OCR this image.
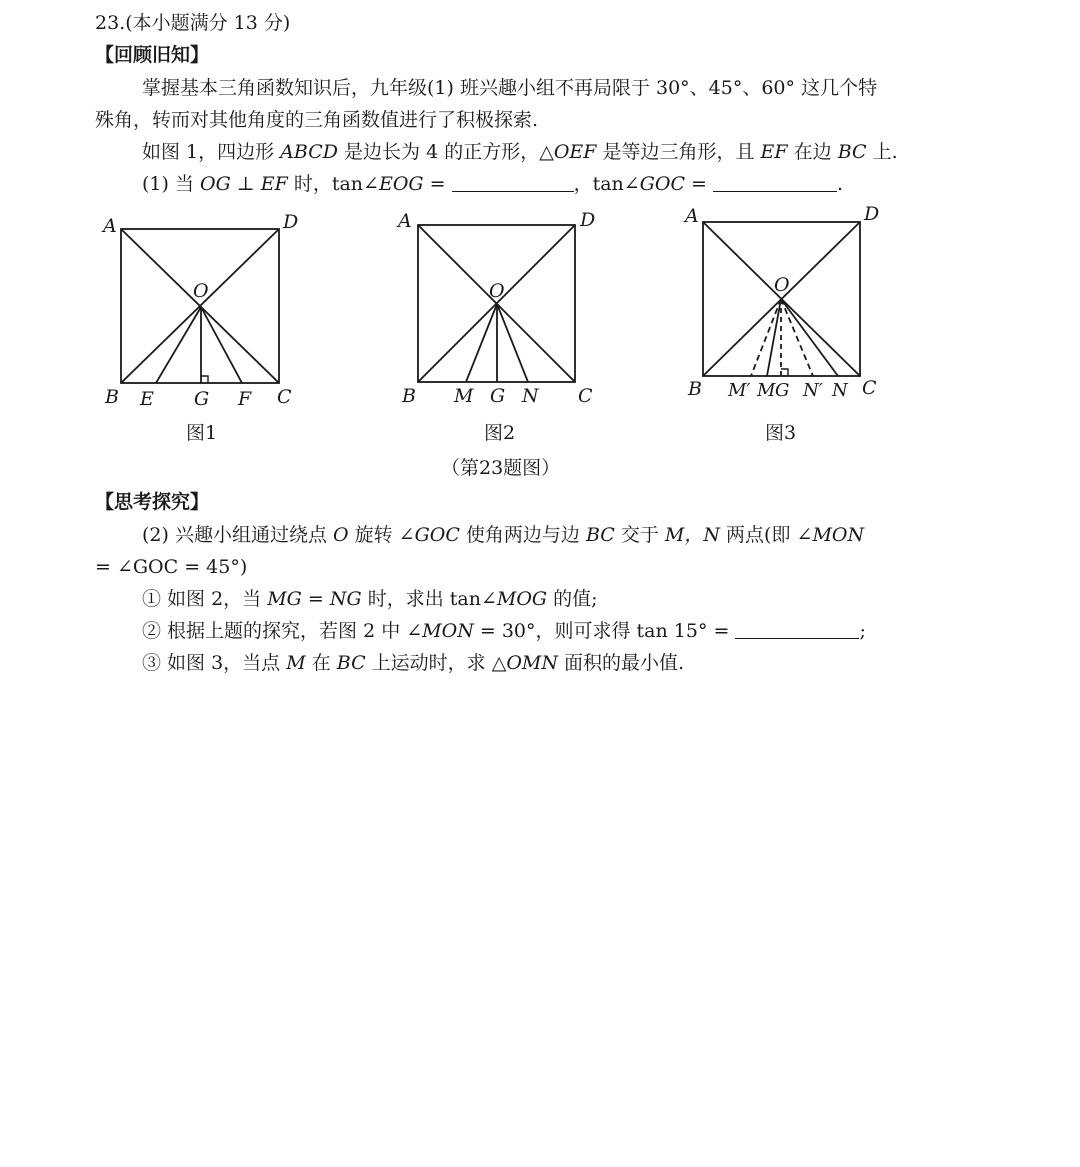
23.(本小题满分 13 分)
【回顾旧知】
掌握基本三角函数知识后，九年级(1) 班兴趣小组不再局限于 30°、45°、60° 这几个特
殊角，转而对其他角度的三角函数值进行了积极探索.
如图 1，四边形 ABCD 是边长为 4 的正方形，△OEF 是等边三角形，且 EF 在边 BC 上.
(1) 当 OG ⊥ EF 时，tan∠EOG =	，tan∠GOC =	.
A	D
O
B E G F C
A	D
O
B M G N C
A	D
O
B M′ M G N′ N C
图1	图2	图3
（第23题图）
【思考探究】
(2) 兴趣小组通过绕点 O 旋转 ∠GOC 使角两边与边 BC 交于 M，N 两点(即 ∠MON
= ∠GOC = 45°)
① 如图 2，当 MG = NG 时，求出 tan∠MOG 的值;
② 根据上题的探究，若图 2 中 ∠MON = 30°，则可求得 tan 15° =	;
③ 如图 3，当点 M 在 BC 上运动时，求 △OMN 面积的最小值.
